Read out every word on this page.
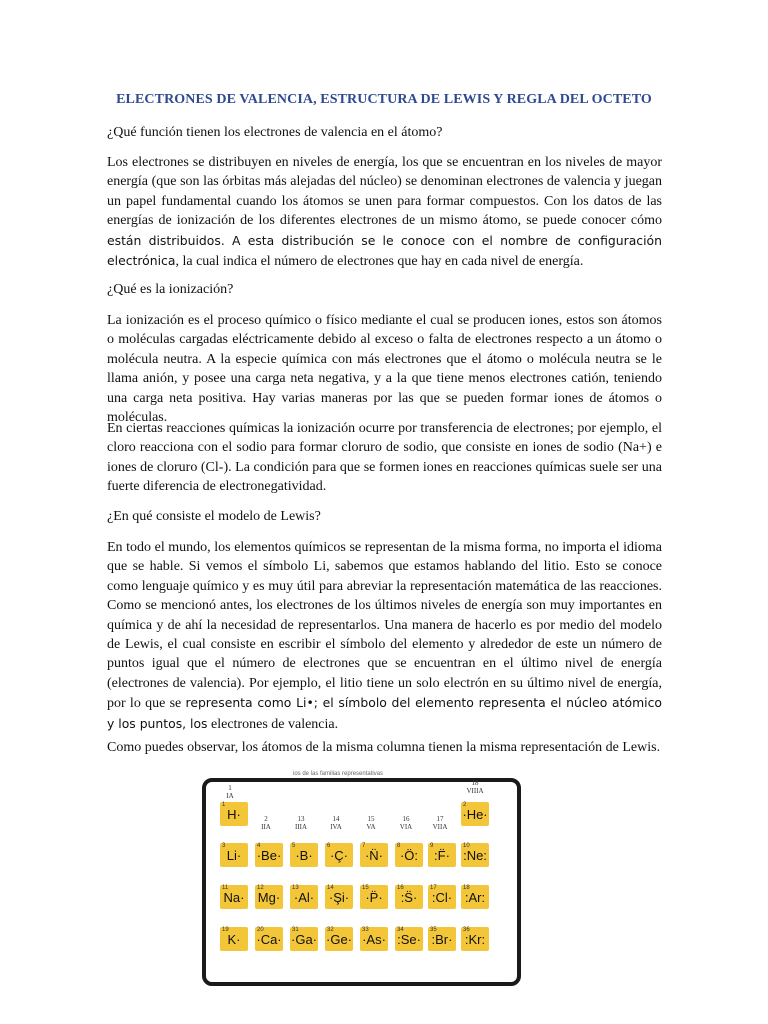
ELECTRONES DE VALENCIA, ESTRUCTURA DE LEWIS Y REGLA DEL OCTETO
¿Qué función tienen los electrones de valencia en el átomo?
Los electrones se distribuyen en niveles de energía, los que se encuentran en los niveles de mayor energía (que son las órbitas más alejadas del núcleo) se denominan electrones de valencia y juegan un papel fundamental cuando los átomos se unen para formar compuestos. Con los datos de las energías de ionización de los diferentes electrones de un mismo átomo, se puede conocer cómo están distribuidos. A esta distribución se le conoce con el nombre de configuración electrónica, la cual indica el número de electrones que hay en cada nivel de energía.
¿Qué es la ionización?
La ionización es el proceso químico o físico mediante el cual se producen iones, estos son átomos o moléculas cargadas eléctricamente debido al exceso o falta de electrones respecto a un átomo o molécula neutra. A la especie química con más electrones que el átomo o molécula neutra se le llama anión, y posee una carga neta negativa, y a la que tiene menos electrones catión, teniendo una carga neta positiva. Hay varias maneras por las que se pueden formar iones de átomos o moléculas.
En ciertas reacciones químicas la ionización ocurre por transferencia de electrones; por ejemplo, el cloro reacciona con el sodio para formar cloruro de sodio, que consiste en iones de sodio (Na+) e iones de cloruro (Cl-). La condición para que se formen iones en reacciones químicas suele ser una fuerte diferencia de electronegatividad.
¿En qué consiste el modelo de Lewis?
En todo el mundo, los elementos químicos se representan de la misma forma, no importa el idioma que se hable. Si vemos el símbolo Li, sabemos que estamos hablando del litio. Esto se conoce como lenguaje químico y es muy útil para abreviar la representación matemática de las reacciones. Como se mencionó antes, los electrones de los últimos niveles de energía son muy importantes en química y de ahí la necesidad de representarlos. Una manera de hacerlo es por medio del modelo de Lewis, el cual consiste en escribir el símbolo del elemento y alrededor de este un número de puntos igual que el número de electrones que se encuentran en el último nivel de energía (electrones de valencia). Por ejemplo, el litio tiene un solo electrón en su último nivel de energía, por lo que se representa como Li•; el símbolo del elemento representa el núcleo atómico y los puntos, los electrones de valencia.
Como puedes observar, los átomos de la misma columna tienen la misma representación de Lewis.
ios de las familias representativas
1
IA
2
IIA
13
IIIA
14
IVA
15
VA
16
VIA
17
VIIA
18
VIIIA
1
H·
2
·He·
3
Li·
4
·Be·
5
·B·
6
·Ç·
7
·N̈·
8
·Ö:
9
:F̈·
10
:Ne:
11
Na·
12
Mg·
13
·Al·
14
·Şi·
15
·P̈·
16
:S̈·
17
:Cl·
18
:Ar:
19
K·
20
·Ca·
31
·Ga·
32
·Ge·
33
·As·
34
:Se·
35
:Br·
36
:Kr:
